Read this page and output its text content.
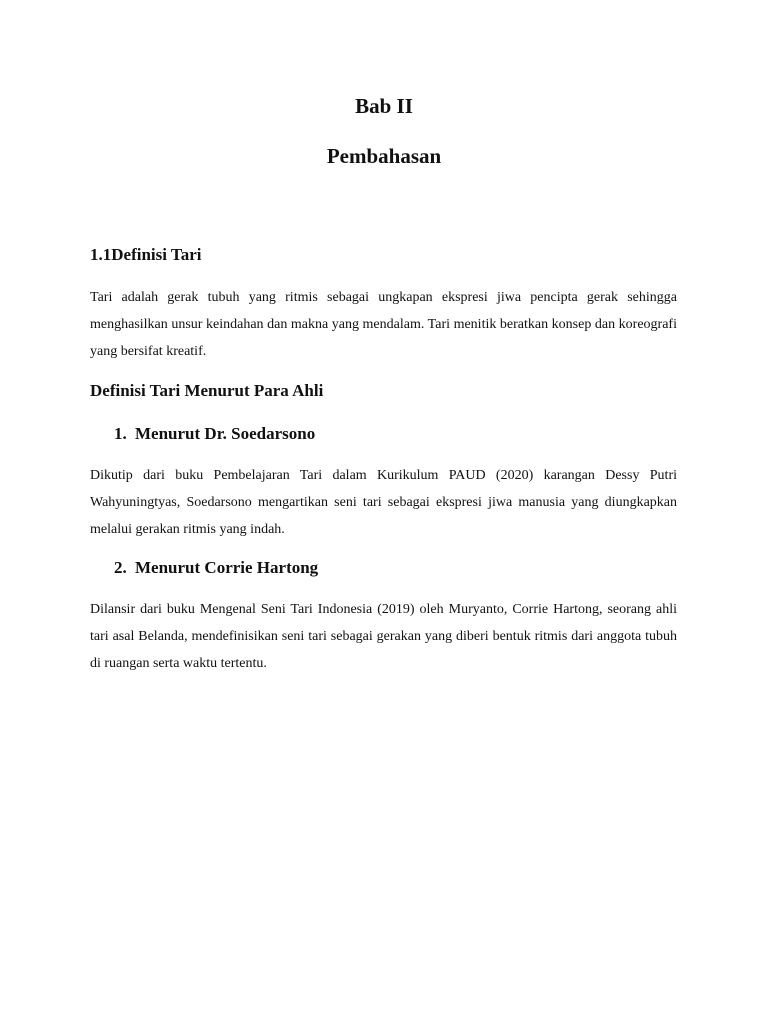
Bab II
Pembahasan
1.1Definisi Tari

Tari adalah gerak tubuh yang ritmis sebagai ungkapan ekspresi jiwa pencipta gerak sehingga menghasilkan unsur keindahan dan makna yang mendalam. Tari menitik beratkan konsep dan koreografi yang bersifat kreatif.

Definisi Tari Menurut Para Ahli
1. Menurut Dr. Soedarsono

Dikutip dari buku Pembelajaran Tari dalam Kurikulum PAUD (2020) karangan Dessy Putri Wahyuningtyas, Soedarsono mengartikan seni tari sebagai ekspresi jiwa manusia yang diungkapkan melalui gerakan ritmis yang indah.

2. Menurut Corrie Hartong

Dilansir dari buku Mengenal Seni Tari Indonesia (2019) oleh Muryanto, Corrie Hartong, seorang ahli tari asal Belanda, mendefinisikan seni tari sebagai gerakan yang diberi bentuk ritmis dari anggota tubuh di ruangan serta waktu tertentu.
